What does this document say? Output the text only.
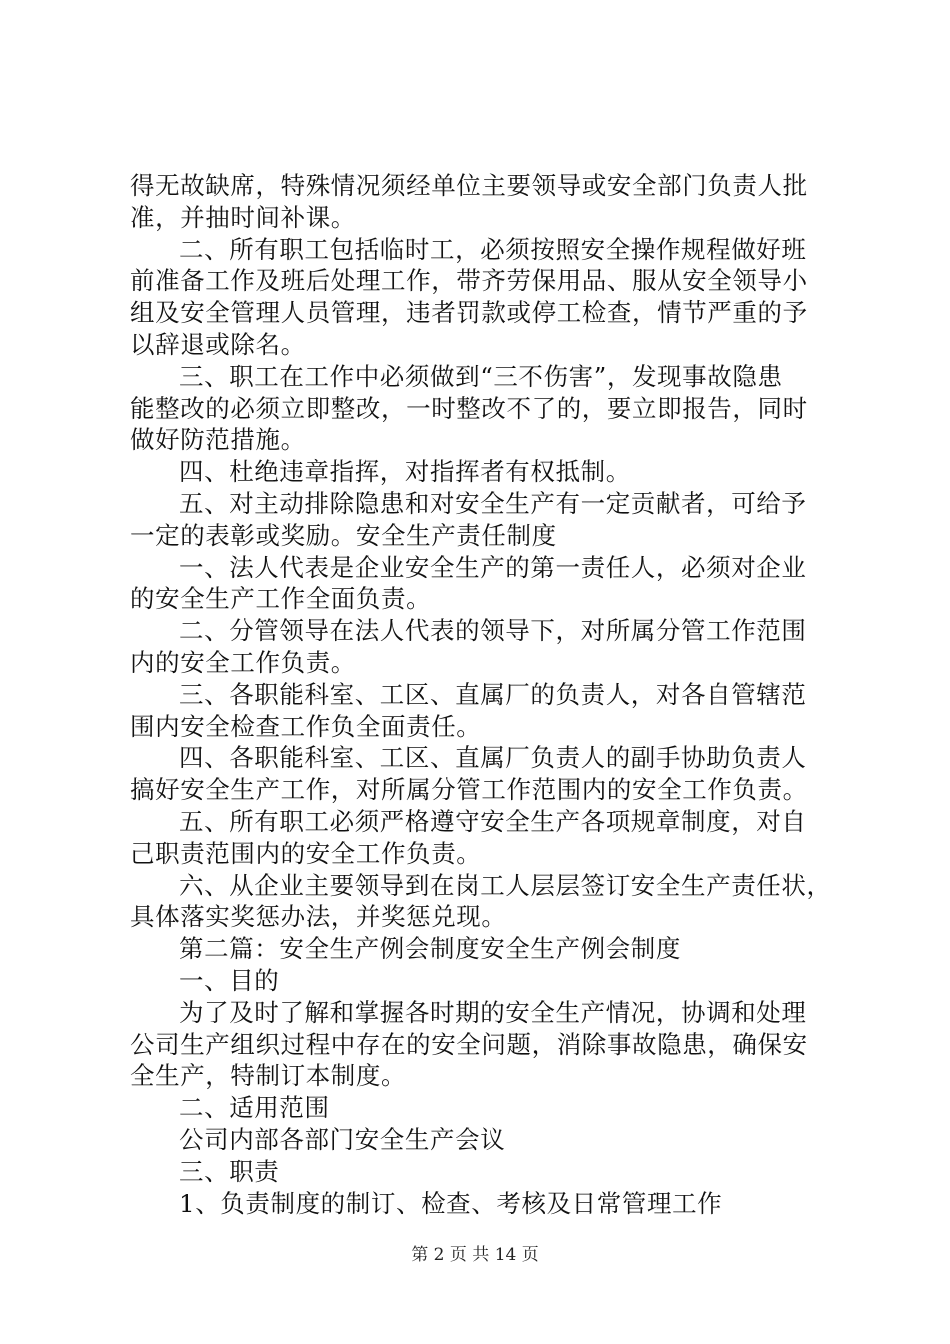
得无故缺席，特殊情况须经单位主要领导或安全部门负责人批
准，并抽时间补课。
二、所有职工包括临时工，必须按照安全操作规程做好班
前准备工作及班后处理工作，带齐劳保用品、服从安全领导小
组及安全管理人员管理，违者罚款或停工检查，情节严重的予
以辞退或除名。
三、职工在工作中必须做到“三不伤害”，发现事故隐患
能整改的必须立即整改，一时整改不了的，要立即报告，同时
做好防范措施。
四、杜绝违章指挥，对指挥者有权抵制。
五、对主动排除隐患和对安全生产有一定贡献者，可给予
一定的表彰或奖励。安全生产责任制度
一、法人代表是企业安全生产的第一责任人，必须对企业
的安全生产工作全面负责。
二、分管领导在法人代表的领导下，对所属分管工作范围
内的安全工作负责。
三、各职能科室、工区、直属厂的负责人，对各自管辖范
围内安全检查工作负全面责任。
四、各职能科室、工区、直属厂负责人的副手协助负责人
搞好安全生产工作，对所属分管工作范围内的安全工作负责。
五、所有职工必须严格遵守安全生产各项规章制度，对自
己职责范围内的安全工作负责。
六、从企业主要领导到在岗工人层层签订安全生产责任状，
具体落实奖惩办法，并奖惩兑现。
第二篇：安全生产例会制度安全生产例会制度
一、目的
为了及时了解和掌握各时期的安全生产情况，协调和处理
公司生产组织过程中存在的安全问题，消除事故隐患，确保安
全生产，特制订本制度。
二、适用范围
公司内部各部门安全生产会议
三、职责
1、负责制度的制订、检查、考核及日常管理工作
第 2 页 共 14 页
